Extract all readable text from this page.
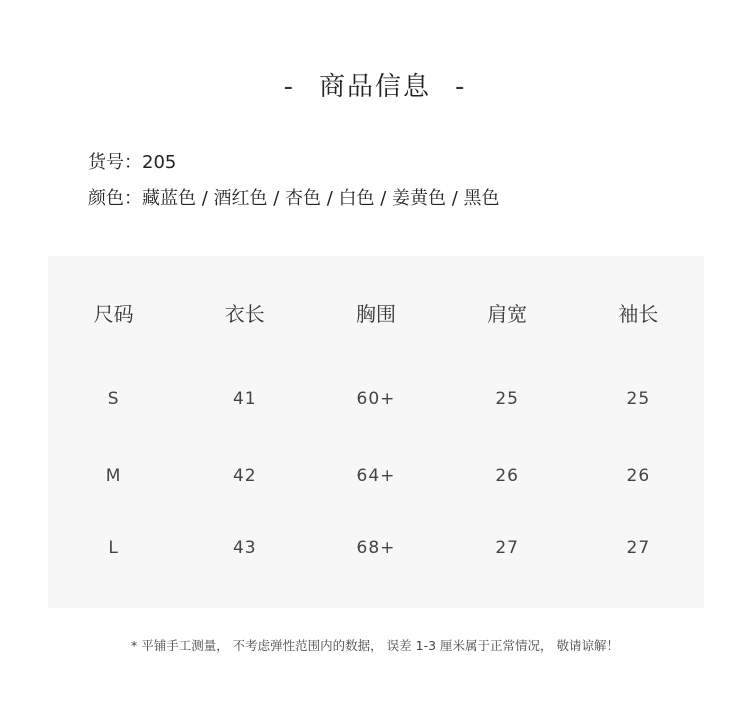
- 商品信息 -
货号：205
颜色：藏蓝色 / 酒红色 / 杏色 / 白色 / 姜黄色 / 黑色
尺码	衣长	胸围	肩宽	袖长
S	41	60+	25	25
M	42	64+	26	26
L	43	68+	27	27
* 平铺手工测量， 不考虑弹性范围内的数据， 误差 1-3 厘米属于正常情况， 敬请谅解！
